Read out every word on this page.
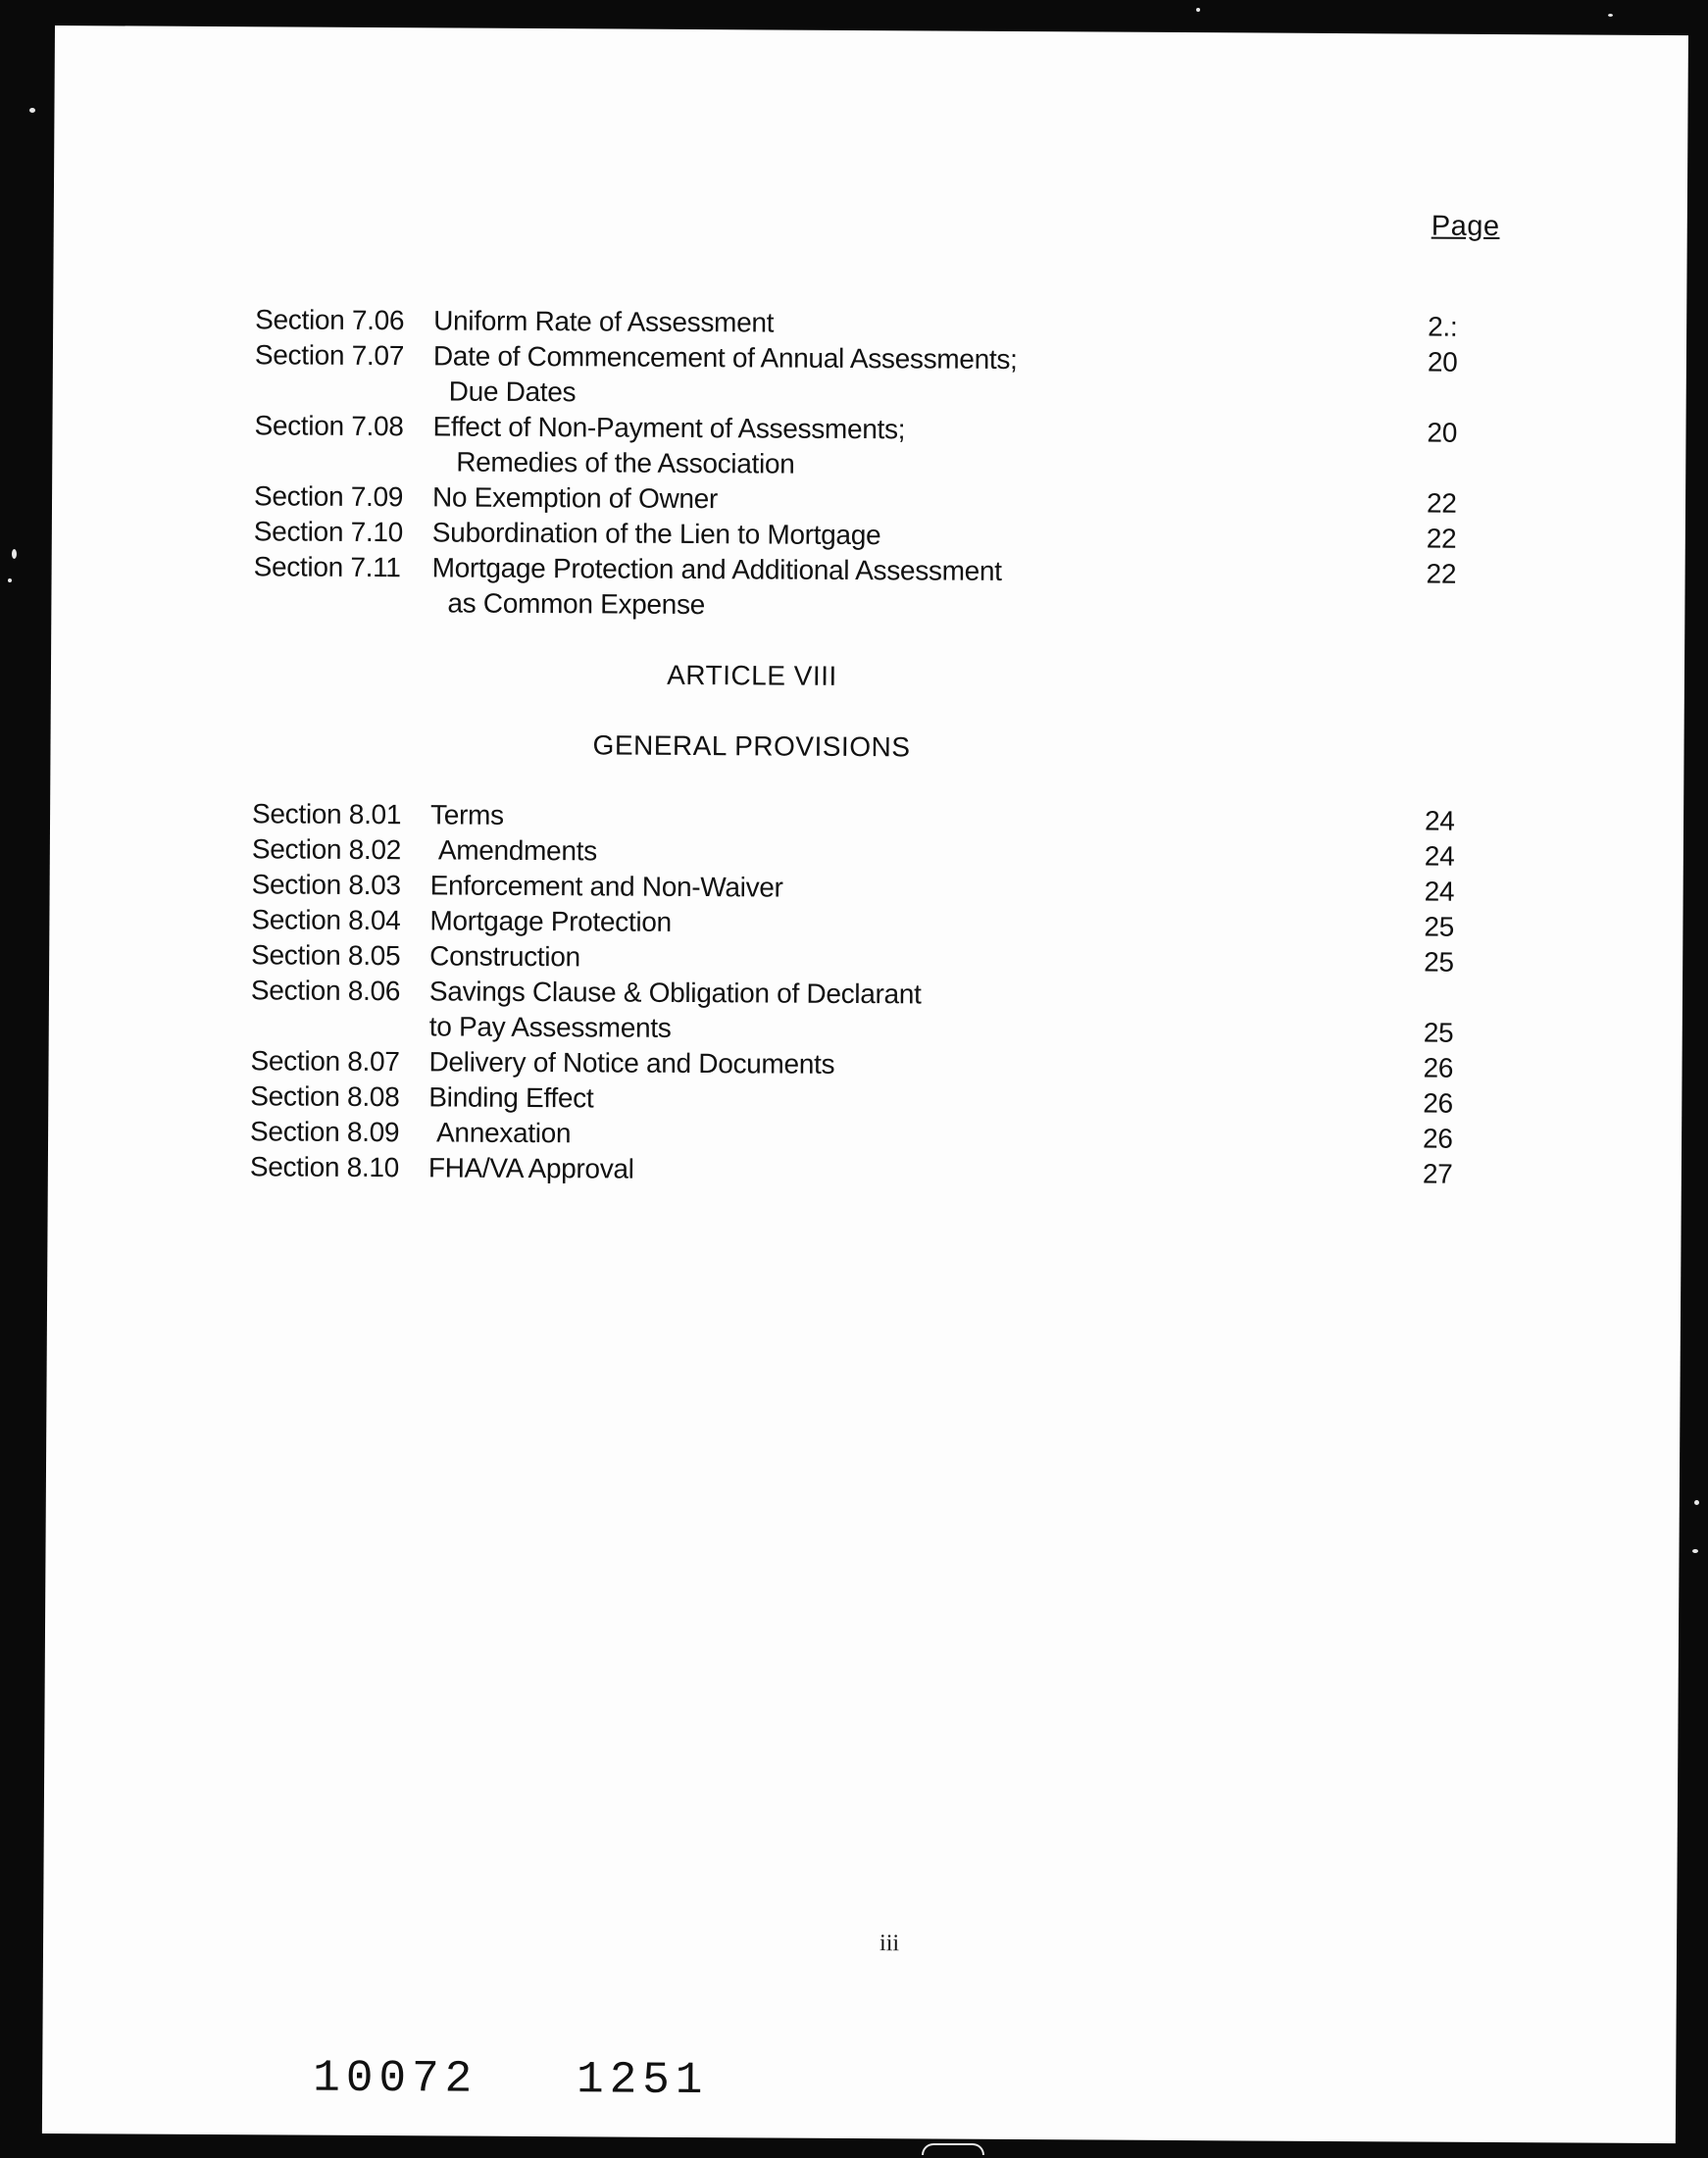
Page
Section 7.06 Uniform Rate of Assessment	2.:
Section 7.07 Date of Commencement of Annual Assessments;	20
Due Dates
Section 7.08 Effect of Non-Payment of Assessments;	20
Remedies of the Association
Section 7.09 No Exemption of Owner	22
Section 7.10 Subordination of the Lien to Mortgage	22
Section 7.11 Mortgage Protection and Additional Assessment	22
as Common Expense
ARTICLE VIII
GENERAL PROVISIONS
Section 8.01 Terms	24
Section 8.02 Amendments	24
Section 8.03 Enforcement and Non-Waiver	24
Section 8.04 Mortgage Protection	25
Section 8.05 Construction	25
Section 8.06 Savings Clause & Obligation of Declarant
to Pay Assessments	25
Section 8.07 Delivery of Notice and Documents	26
Section 8.08 Binding Effect	26
Section 8.09 Annexation	26
Section 8.10 FHA/VA Approval	27
iii
10072   1251
